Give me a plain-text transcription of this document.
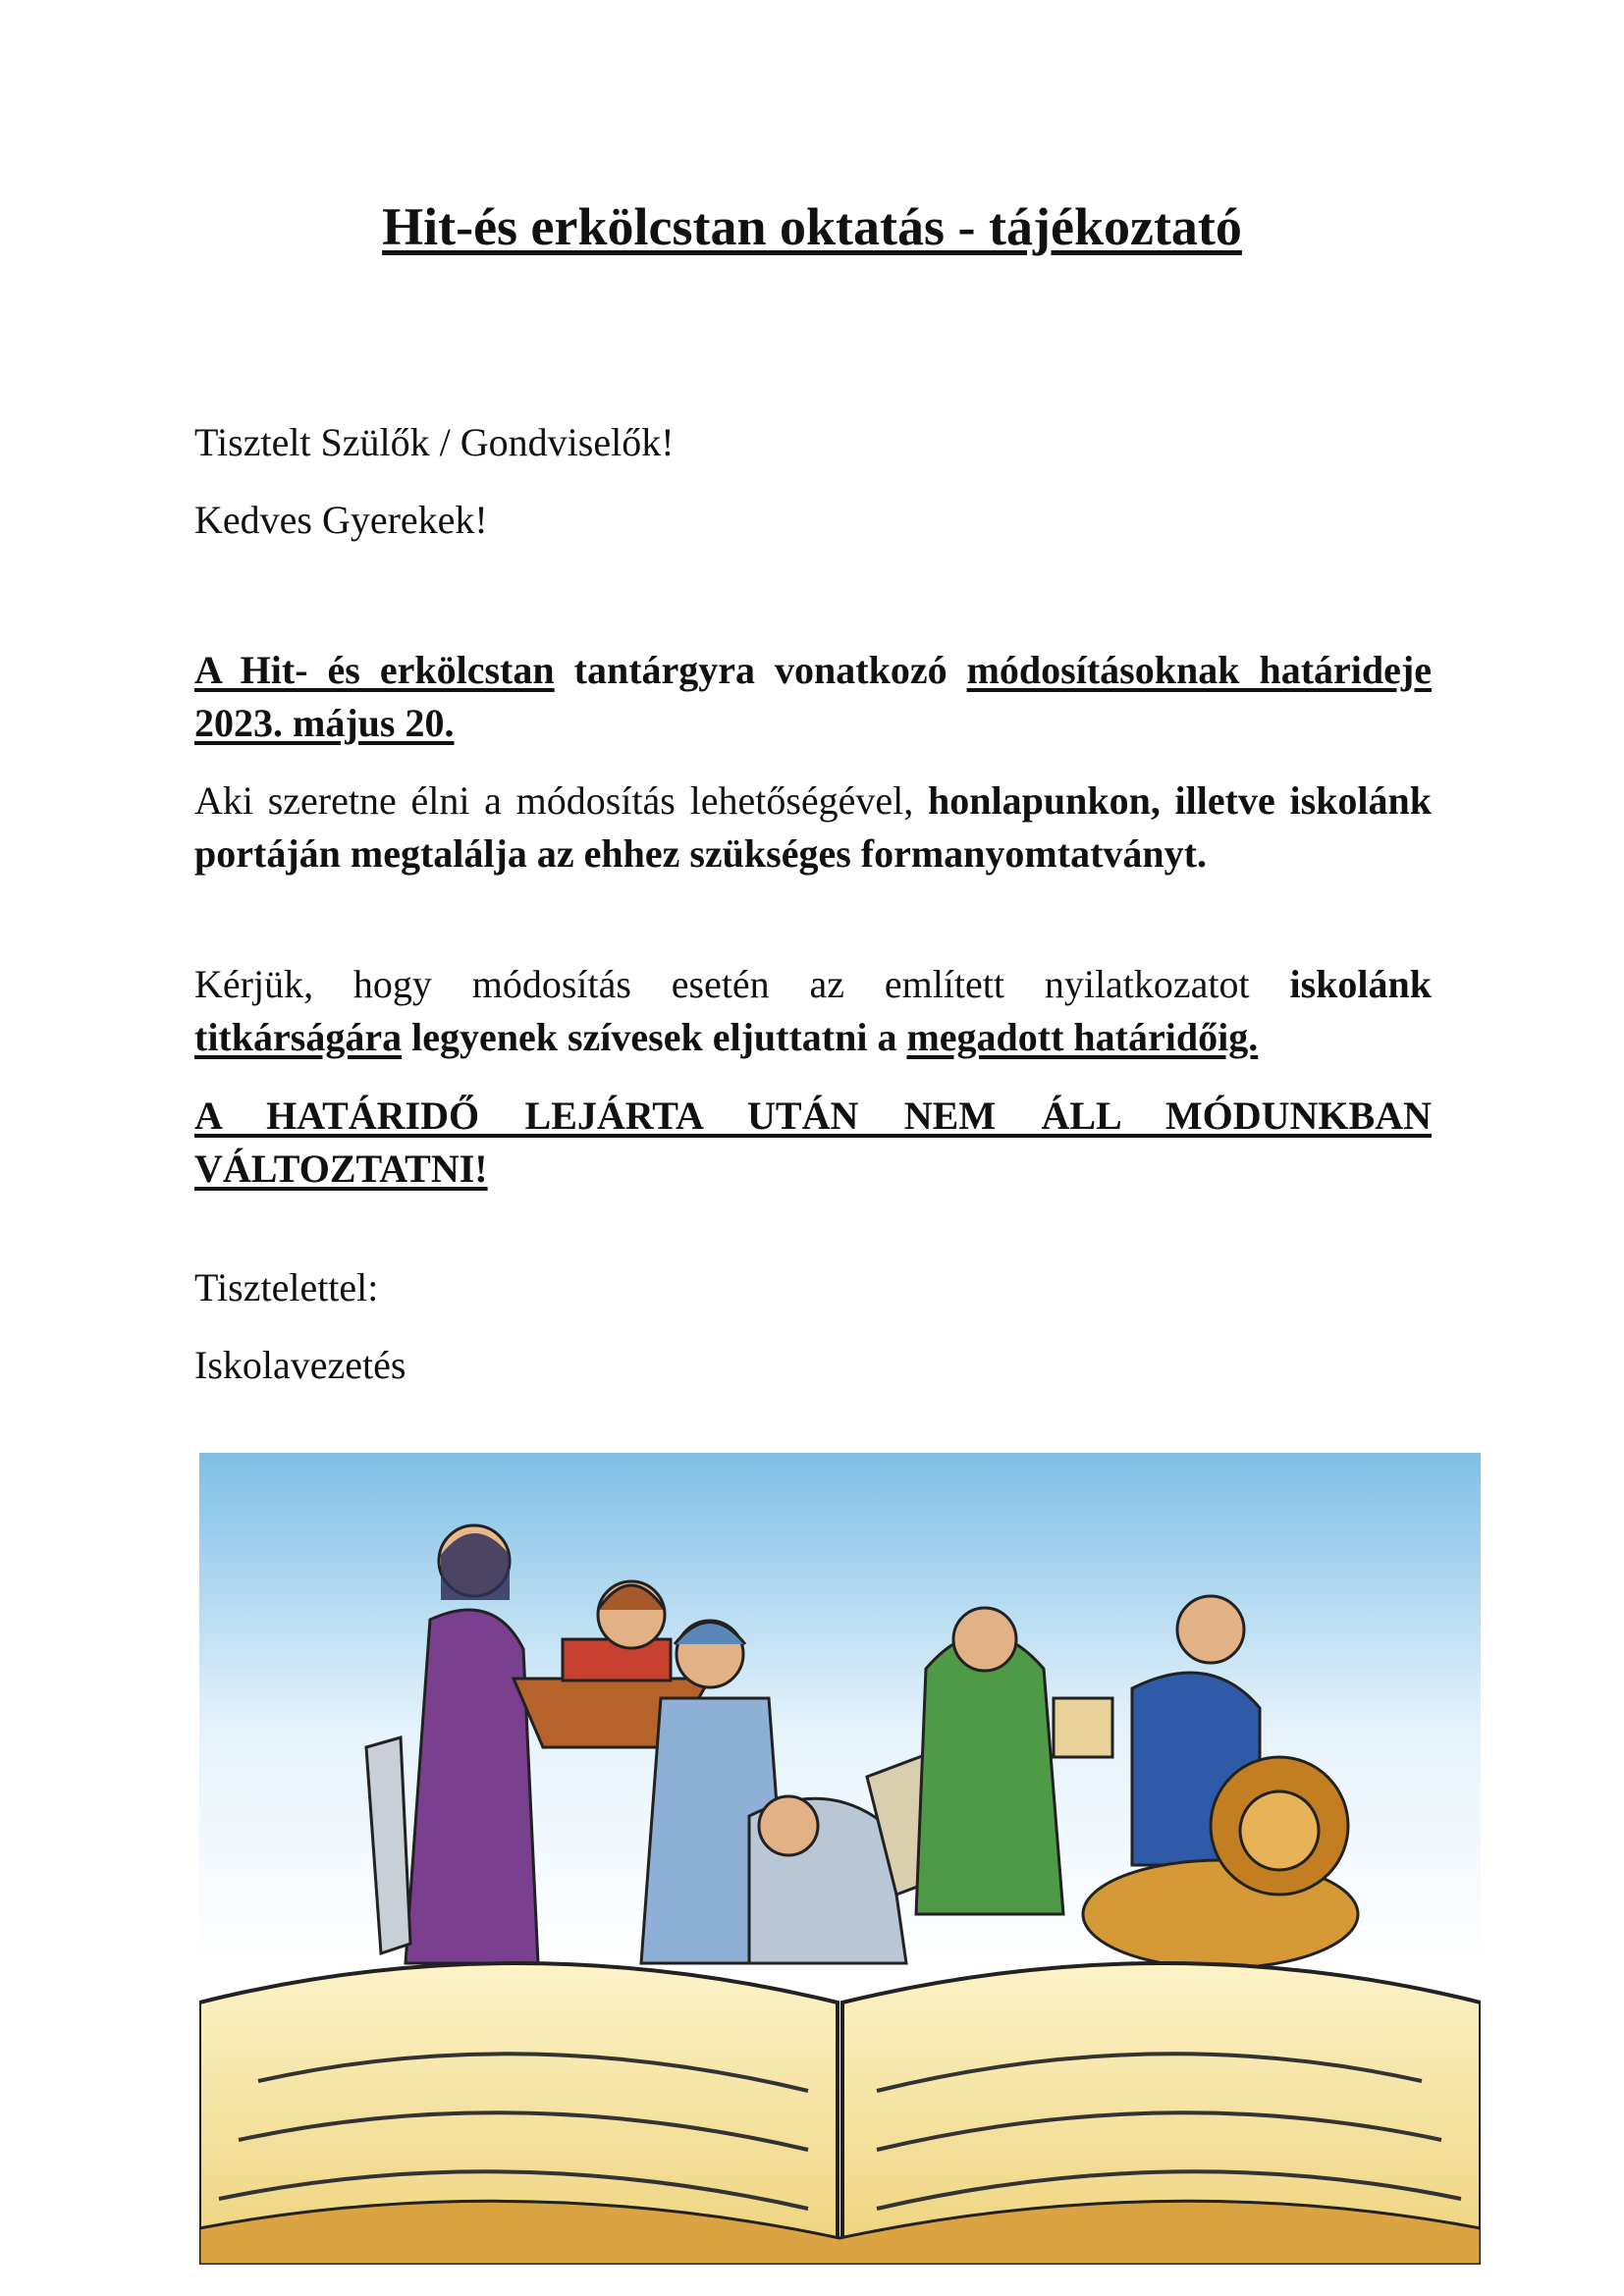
Hit-és erkölcstan oktatás - tájékoztató
Tisztelt Szülők / Gondviselők!
Kedves Gyerekek!
A Hit- és erkölcstan tantárgyra vonatkozó módosításoknak határideje 2023. május 20.
Aki szeretne élni a módosítás lehetőségével, honlapunkon, illetve iskolánk portáján megtalálja az ehhez szükséges formanyomtatványt.
Kérjük, hogy módosítás esetén az említett nyilatkozatot iskolánk titkárságára legyenek szívesek eljuttatni a megadott határidőig.
A HATÁRIDŐ LEJÁRTA UTÁN NEM ÁLL MÓDUNKBAN VÁLTOZTATNI!
Tisztelettel:
Iskolavezetés
